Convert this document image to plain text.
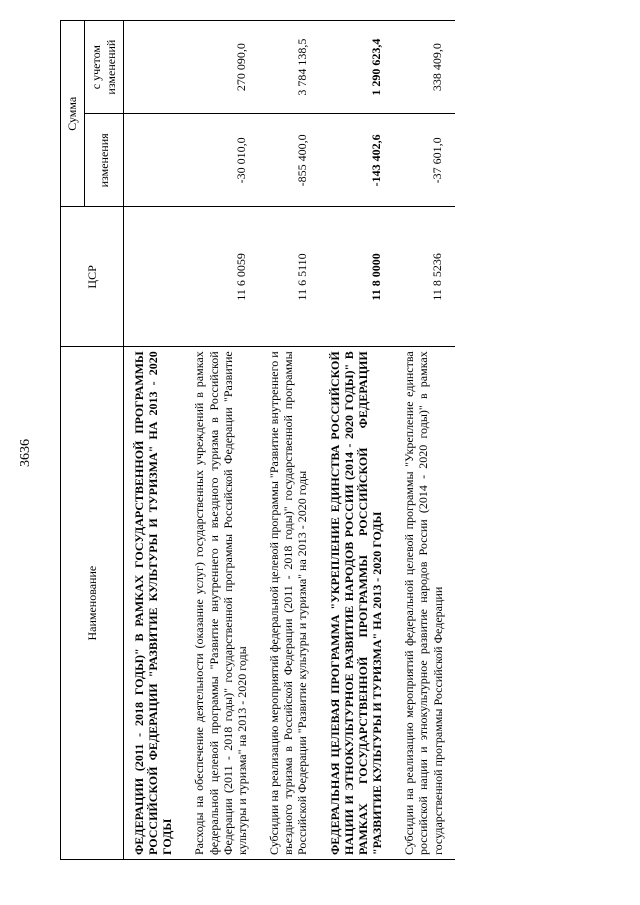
3636
Наименование	ЦСР	Сумма	
		изменения	с учетом изменений
ФЕДЕРАЦИИ (2011 - 2018 ГОДЫ)" В РАМКАХ ГОСУДАРСТВЕННОЙ ПРОГРАММЫ РОССИЙСКОЙ ФЕДЕРАЦИИ "РАЗВИТИЕ КУЛЬТУРЫ И ТУРИЗМА" НА 2013 - 2020 ГОДЫ			
Расходы на обеспечение деятельности (оказание услуг) государственных учреждений в рамках федеральной целевой программы "Развитие внутреннего и въездного туризма в Российской Федерации (2011 - 2018 годы)" государственной программы Российской Федерации "Развитие культуры и туризма" на 2013 - 2020 годы	11 6 0059	-30 010,0	270 090,0
Субсидии на реализацию мероприятий федеральной целевой программы "Развитие внутреннего и въездного туризма в Российской Федерации (2011 - 2018 годы)" государственной программы Российской Федерации "Развитие культуры и туризма" на 2013 - 2020 годы	11 6 5110	-855 400,0	3 784 138,5
ФЕДЕРАЛЬНАЯ ЦЕЛЕВАЯ ПРОГРАММА "УКРЕПЛЕНИЕ ЕДИНСТВА РОССИЙСКОЙ НАЦИИ И ЭТНОКУЛЬТУРНОЕ РАЗВИТИЕ НАРОДОВ РОССИИ (2014 - 2020 ГОДЫ)" В РАМКАХ ГОСУДАРСТВЕННОЙ ПРОГРАММЫ РОССИЙСКОЙ ФЕДЕРАЦИИ "РАЗВИТИЕ КУЛЬТУРЫ И ТУРИЗМА" НА 2013 - 2020 ГОДЫ	11 8 0000	-143 402,6	1 290 623,4
Субсидии на реализацию мероприятий федеральной целевой программы "Укрепление единства российской нации и этнокультурное развитие народов России (2014 - 2020 годы)" в рамках государственной программы Российской Федерации	11 8 5236	-37 601,0	338 409,0
